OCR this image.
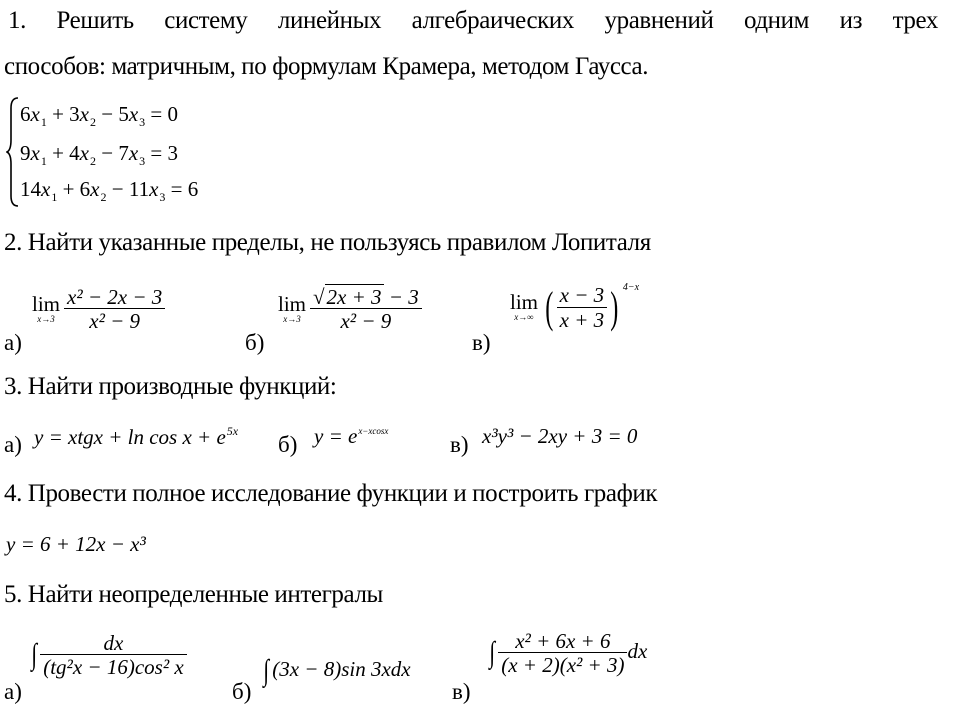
1. Решить систему линейных алгебраических уравнений одним из трех
способов: матричным, по формулам Крамера, методом Гаусса.
$6x_1 + 3x_2 - 5x_3 = 0$
$9x_1 + 4x_2 - 7x_3 = 3$
$14x_1 + 6x_2 - 11x_3 = 6$
2. Найти указанные пределы, не пользуясь правилом Лопиталя
а)
lim
$x\to 3 \frac{\text{x² − 2x − 3}}{\text{x² − 9}}$
б)
lim
$x\to 3 \frac{√2x + 3 - 3}{\text{x² − 9}}$
в)
lim
x→∞ ( $\frac{x - 3}{x + 3}$ ) $^{4-x}$
3. Найти производные функций:
а) y = xtgx + $\ln \cos x + e^{5x}$
б) $y = e^{x-xcosx}$
в) x³y³ − 2xy + 3 = 0
4. Провести полное исследование функции и построить график
y = 6 + 12x − x³
5. Найти неопределенные интегралы
а)
∫ $\frac{dx}{\text{(tg²x − 16)cos² x}}$
б)
∫ (3x − 8)sin 3xdx
в)
∫ $\frac{\text{x² + 6x + 6}}{\text{(x + 2)(x² + 3)}}$ dx
